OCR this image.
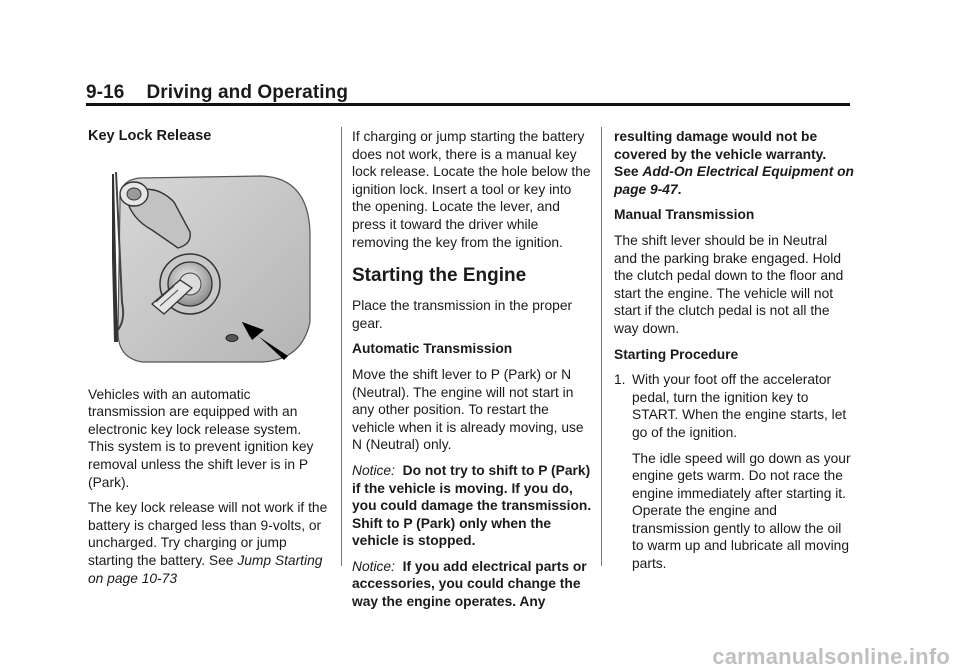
9-16 Driving and Operating
Key Lock Release

Vehicles with an automatic transmission are equipped with an electronic key lock release system. This system is to prevent ignition key removal unless the shift lever is in P (Park).

The key lock release will not work if the battery is charged less than 9-volts, or uncharged. Try charging or jump starting the battery. See Jump Starting on page 10-73

If charging or jump starting the battery does not work, there is a manual key lock release. Locate the hole below the ignition lock. Insert a tool or key into the opening. Locate the lever, and press it toward the driver while removing the key from the ignition.

Starting the Engine

Place the transmission in the proper gear.

Automatic Transmission

Move the shift lever to P (Park) or N (Neutral). The engine will not start in any other position. To restart the vehicle when it is already moving, use N (Neutral) only.

Notice: Do not try to shift to P (Park) if the vehicle is moving. If you do, you could damage the transmission. Shift to P (Park) only when the vehicle is stopped.

Notice: If you add electrical parts or accessories, you could change the way the engine operates. Any

resulting damage would not be covered by the vehicle warranty. See Add-On Electrical Equipment on page 9-47.

Manual Transmission

The shift lever should be in Neutral and the parking brake engaged. Hold the clutch pedal down to the floor and start the engine. The vehicle will not start if the clutch pedal is not all the way down.

Starting Procedure
1. With your foot off the accelerator pedal, turn the ignition key to START. When the engine starts, let go of the ignition.

The idle speed will go down as your engine gets warm. Do not race the engine immediately after starting it. Operate the engine and transmission gently to allow the oil to warm up and lubricate all moving parts.

carmanualsonline.info
